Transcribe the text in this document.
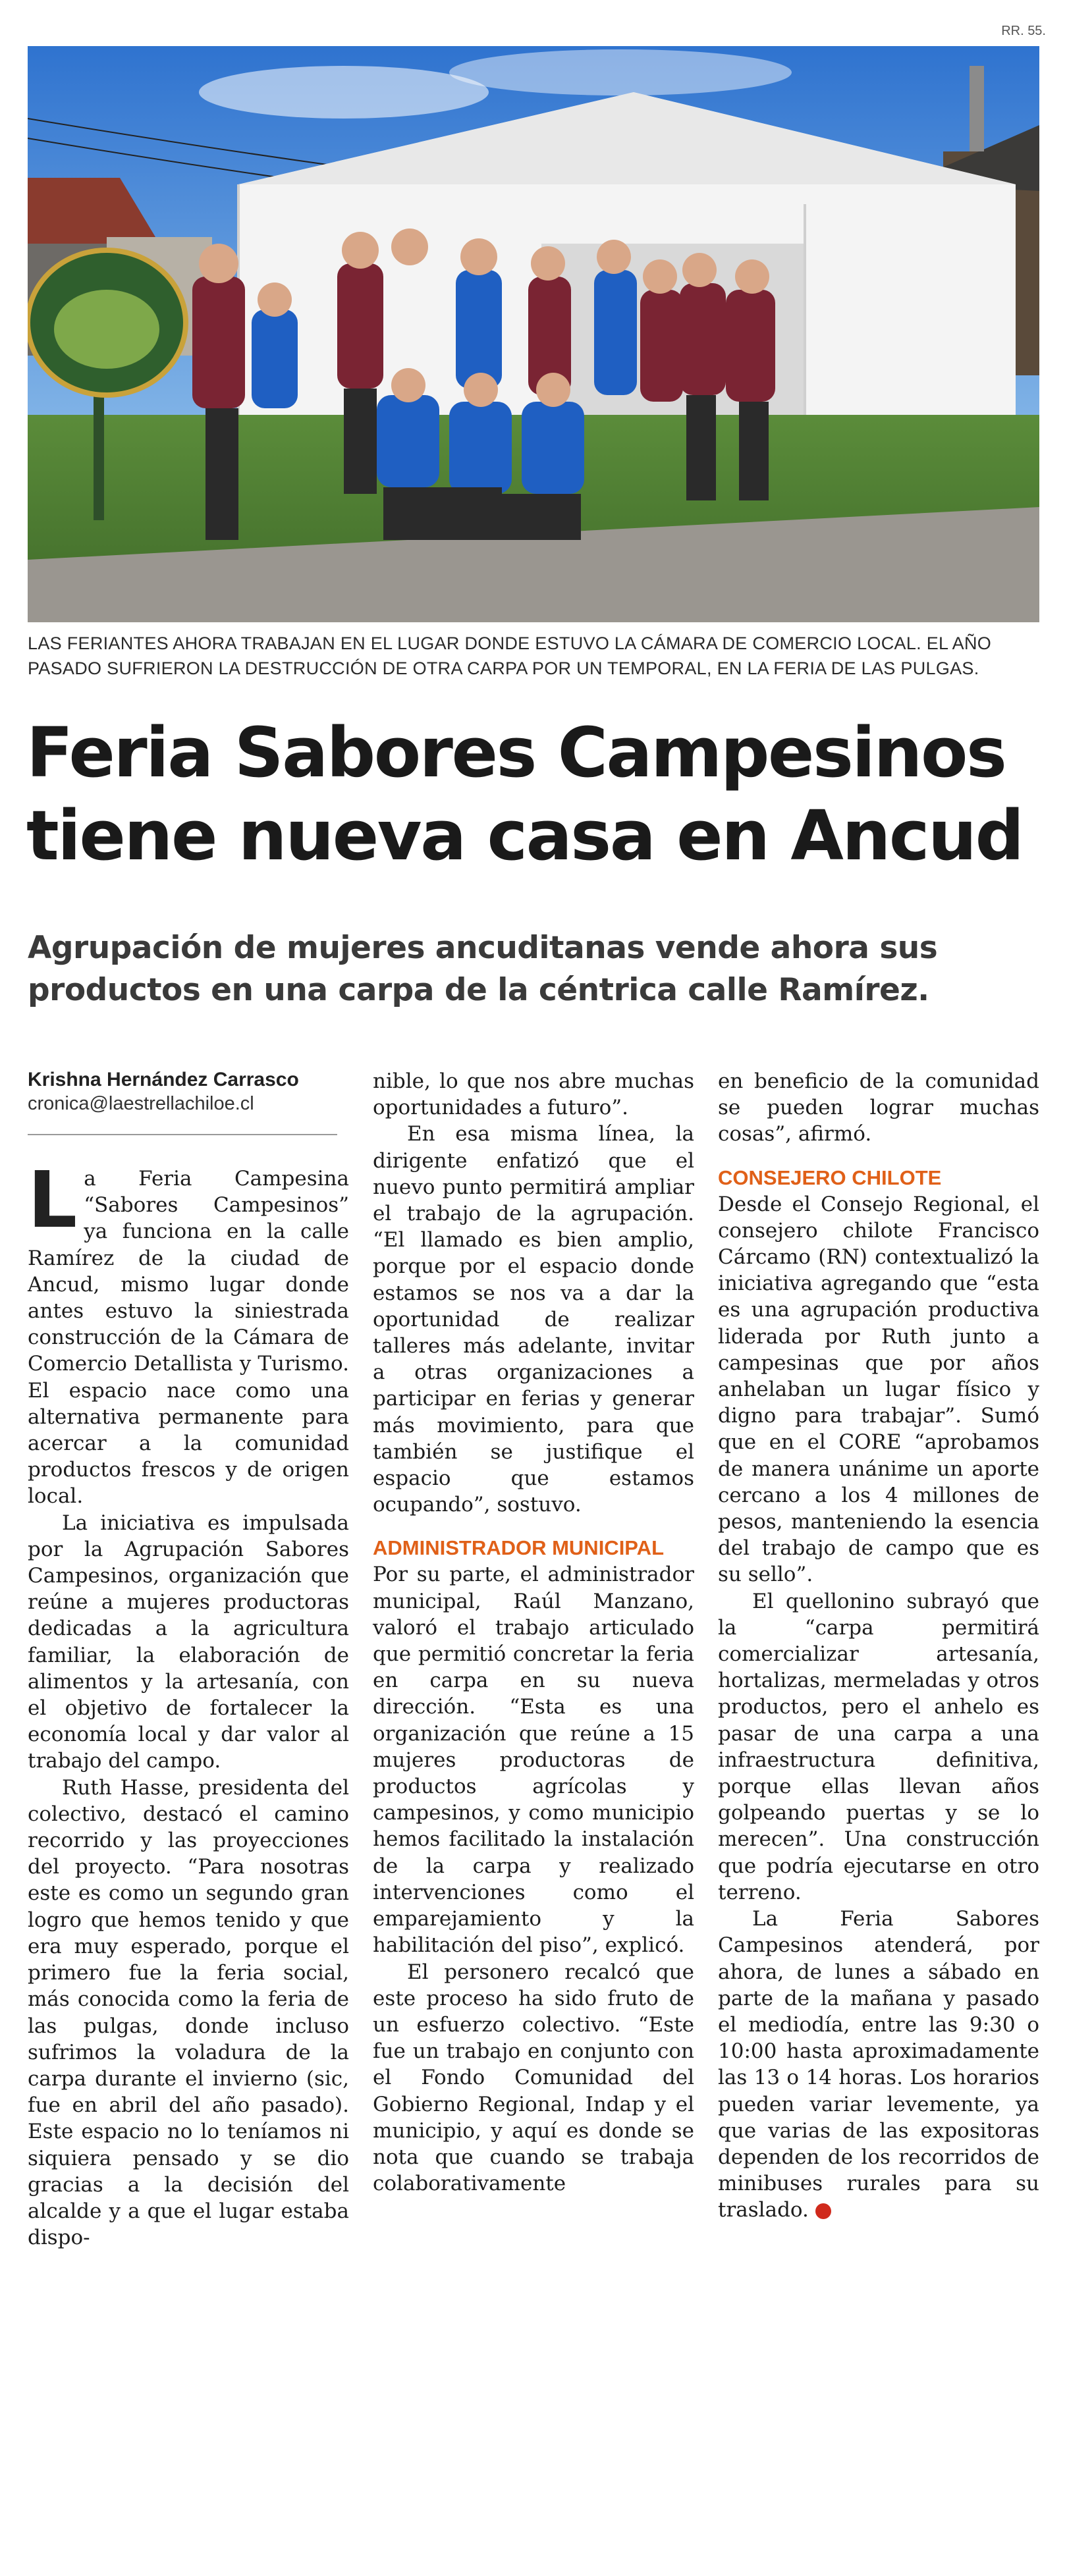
RR. 55.
LAS FERIANTES AHORA TRABAJAN EN EL LUGAR DONDE ESTUVO LA CÁMARA DE COMERCIO LOCAL. EL AÑO PASADO SUFRIERON LA DESTRUCCIÓN DE OTRA CARPA POR UN TEMPORAL, EN LA FERIA DE LAS PULGAS.
Feria Sabores Campesinos
tiene nueva casa en Ancud
Agrupación de mujeres ancuditanas vende ahora sus productos en una carpa de la céntrica calle Ramírez.
Krishna Hernández Carrasco
cronica@laestrellachiloe.cl

La Feria Campesina “Sabores Campesinos” ya funciona en la calle Ramírez de la ciudad de Ancud, mismo lugar donde antes estuvo la siniestrada construcción de la Cámara de Comercio Detallista y Turismo. El espacio nace como una alternativa permanente para acercar a la comunidad productos frescos y de origen local.

La iniciativa es impulsada por la Agrupación Sabores Campesinos, organización que reúne a mujeres productoras dedicadas a la agricultura familiar, la elaboración de alimentos y la artesanía, con el objetivo de fortalecer la economía local y dar valor al trabajo del campo.

Ruth Hasse, presidenta del colectivo, destacó el camino recorrido y las proyecciones del proyecto. “Para nosotras este es como un segundo gran logro que hemos tenido y que era muy esperado, porque el primero fue la feria social, más conocida como la feria de las pulgas, donde incluso sufrimos la voladura de la carpa durante el invierno (sic, fue en abril del año pasado). Este espacio no lo teníamos ni siquiera pensado y se dio gracias a la decisión del alcalde y a que el lugar estaba dispo-

nible, lo que nos abre muchas oportunidades a futuro”.

En esa misma línea, la dirigente enfatizó que el nuevo punto permitirá ampliar el trabajo de la agrupación. “El llamado es bien amplio, porque por el espacio donde estamos se nos va a dar la oportunidad de realizar talleres más adelante, invitar a otras organizaciones a participar en ferias y generar más movimiento, para que también se justifique el espacio que estamos ocupando”, sostuvo.

ADMINISTRADOR MUNICIPAL

Por su parte, el administrador municipal, Raúl Manzano, valoró el trabajo articulado que permitió concretar la feria en carpa en su nueva dirección. “Esta es una organización que reúne a 15 mujeres productoras de productos agrícolas y campesinos, y como municipio hemos facilitado la instalación de la carpa y realizado intervenciones como el emparejamiento y la habilitación del piso”, explicó.

El personero recalcó que este proceso ha sido fruto de un esfuerzo colectivo. “Este fue un trabajo en conjunto con el Fondo Comunidad del Gobierno Regional, Indap y el municipio, y aquí es donde se nota que cuando se trabaja colaborativamente

en beneficio de la comunidad se pueden lograr muchas cosas”, afirmó.

CONSEJERO CHILOTE

Desde el Consejo Regional, el consejero chilote Francisco Cárcamo (RN) contextualizó la iniciativa agregando que “esta es una agrupación productiva liderada por Ruth junto a campesinas que por años anhelaban un lugar físico y digno para trabajar”. Sumó que en el CORE “aprobamos de manera unánime un aporte cercano a los 4 millones de pesos, manteniendo la esencia del trabajo de campo que es su sello”.

El quellonino subrayó que la “carpa permitirá comercializar artesanía, hortalizas, mermeladas y otros productos, pero el anhelo es pasar de una carpa a una infraestructura definitiva, porque ellas llevan años golpeando puertas y se lo merecen”. Una construcción que podría ejecutarse en otro terreno.

La Feria Sabores Campesinos atenderá, por ahora, de lunes a sábado en parte de la mañana y pasado el mediodía, entre las 9:30 o 10:00 hasta aproximadamente las 13 o 14 horas. Los horarios pueden variar levemente, ya que varias de las expositoras dependen de los recorridos de minibuses rurales para su traslado.	✪
